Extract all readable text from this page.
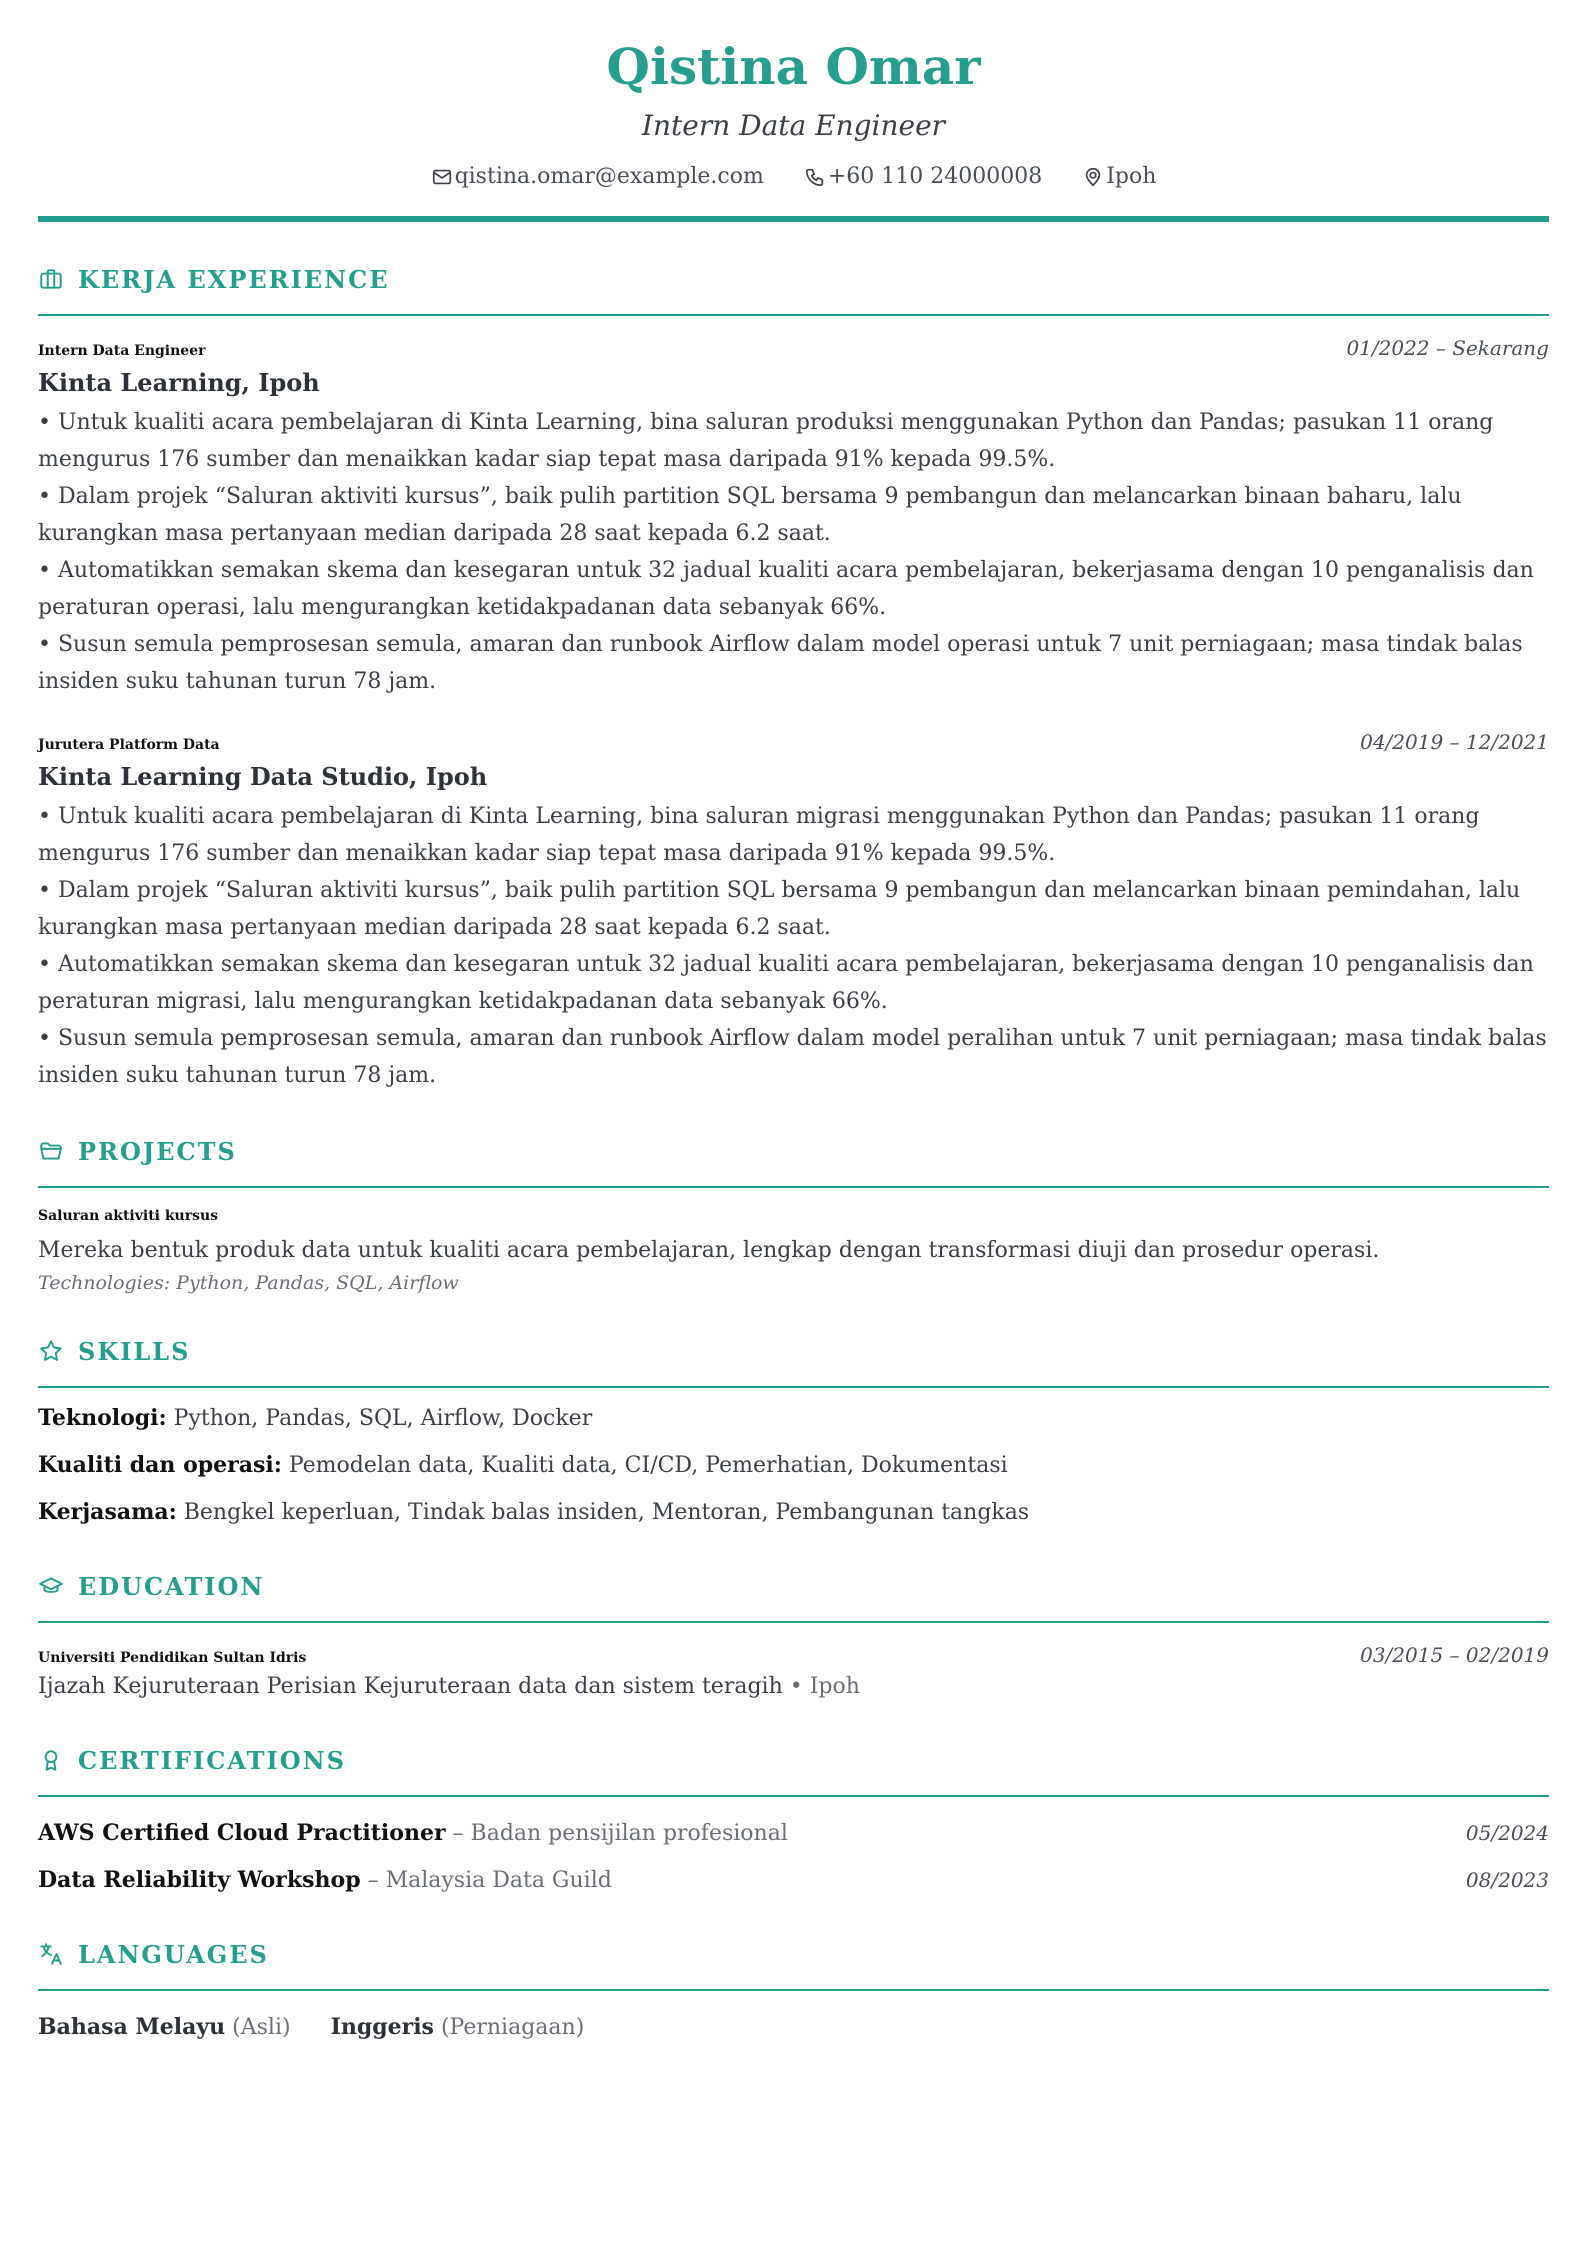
Qistina Omar
Intern Data Engineer
qistina.omar@example.com	+60 110 24000008	Ipoh
KERJA EXPERIENCE
Intern Data Engineer	01/2022 – Sekarang
Kinta Learning, Ipoh
• Untuk kualiti acara pembelajaran di Kinta Learning, bina saluran produksi menggunakan Python dan Pandas; pasukan 11 orang mengurus 176 sumber dan menaikkan kadar siap tepat masa daripada 91% kepada 99.5%.
• Dalam projek “Saluran aktiviti kursus”, baik pulih partition SQL bersama 9 pembangun dan melancarkan binaan baharu, lalu kurangkan masa pertanyaan median daripada 28 saat kepada 6.2 saat.
• Automatikkan semakan skema dan kesegaran untuk 32 jadual kualiti acara pembelajaran, bekerjasama dengan 10 penganalisis dan peraturan operasi, lalu mengurangkan ketidakpadanan data sebanyak 66%.
• Susun semula pemprosesan semula, amaran dan runbook Airflow dalam model operasi untuk 7 unit perniagaan; masa tindak balas insiden suku tahunan turun 78 jam.
Jurutera Platform Data	04/2019 – 12/2021
Kinta Learning Data Studio, Ipoh
• Untuk kualiti acara pembelajaran di Kinta Learning, bina saluran migrasi menggunakan Python dan Pandas; pasukan 11 orang mengurus 176 sumber dan menaikkan kadar siap tepat masa daripada 91% kepada 99.5%.
• Dalam projek “Saluran aktiviti kursus”, baik pulih partition SQL bersama 9 pembangun dan melancarkan binaan pemindahan, lalu kurangkan masa pertanyaan median daripada 28 saat kepada 6.2 saat.
• Automatikkan semakan skema dan kesegaran untuk 32 jadual kualiti acara pembelajaran, bekerjasama dengan 10 penganalisis dan peraturan migrasi, lalu mengurangkan ketidakpadanan data sebanyak 66%.
• Susun semula pemprosesan semula, amaran dan runbook Airflow dalam model peralihan untuk 7 unit perniagaan; masa tindak balas insiden suku tahunan turun 78 jam.
PROJECTS
Saluran aktiviti kursus
Mereka bentuk produk data untuk kualiti acara pembelajaran, lengkap dengan transformasi diuji dan prosedur operasi.
Technologies: Python, Pandas, SQL, Airflow
SKILLS
Teknologi: Python, Pandas, SQL, Airflow, Docker
Kualiti dan operasi: Pemodelan data, Kualiti data, CI/CD, Pemerhatian, Dokumentasi
Kerjasama: Bengkel keperluan, Tindak balas insiden, Mentoran, Pembangunan tangkas
EDUCATION
Universiti Pendidikan Sultan Idris	03/2015 – 02/2019
Ijazah Kejuruteraan Perisian Kejuruteraan data dan sistem teragih • Ipoh
CERTIFICATIONS
AWS Certified Cloud Practitioner – Badan pensijilan profesional	05/2024
Data Reliability Workshop – Malaysia Data Guild	08/2023
LANGUAGES
Bahasa Melayu (Asli) Inggeris (Perniagaan)
